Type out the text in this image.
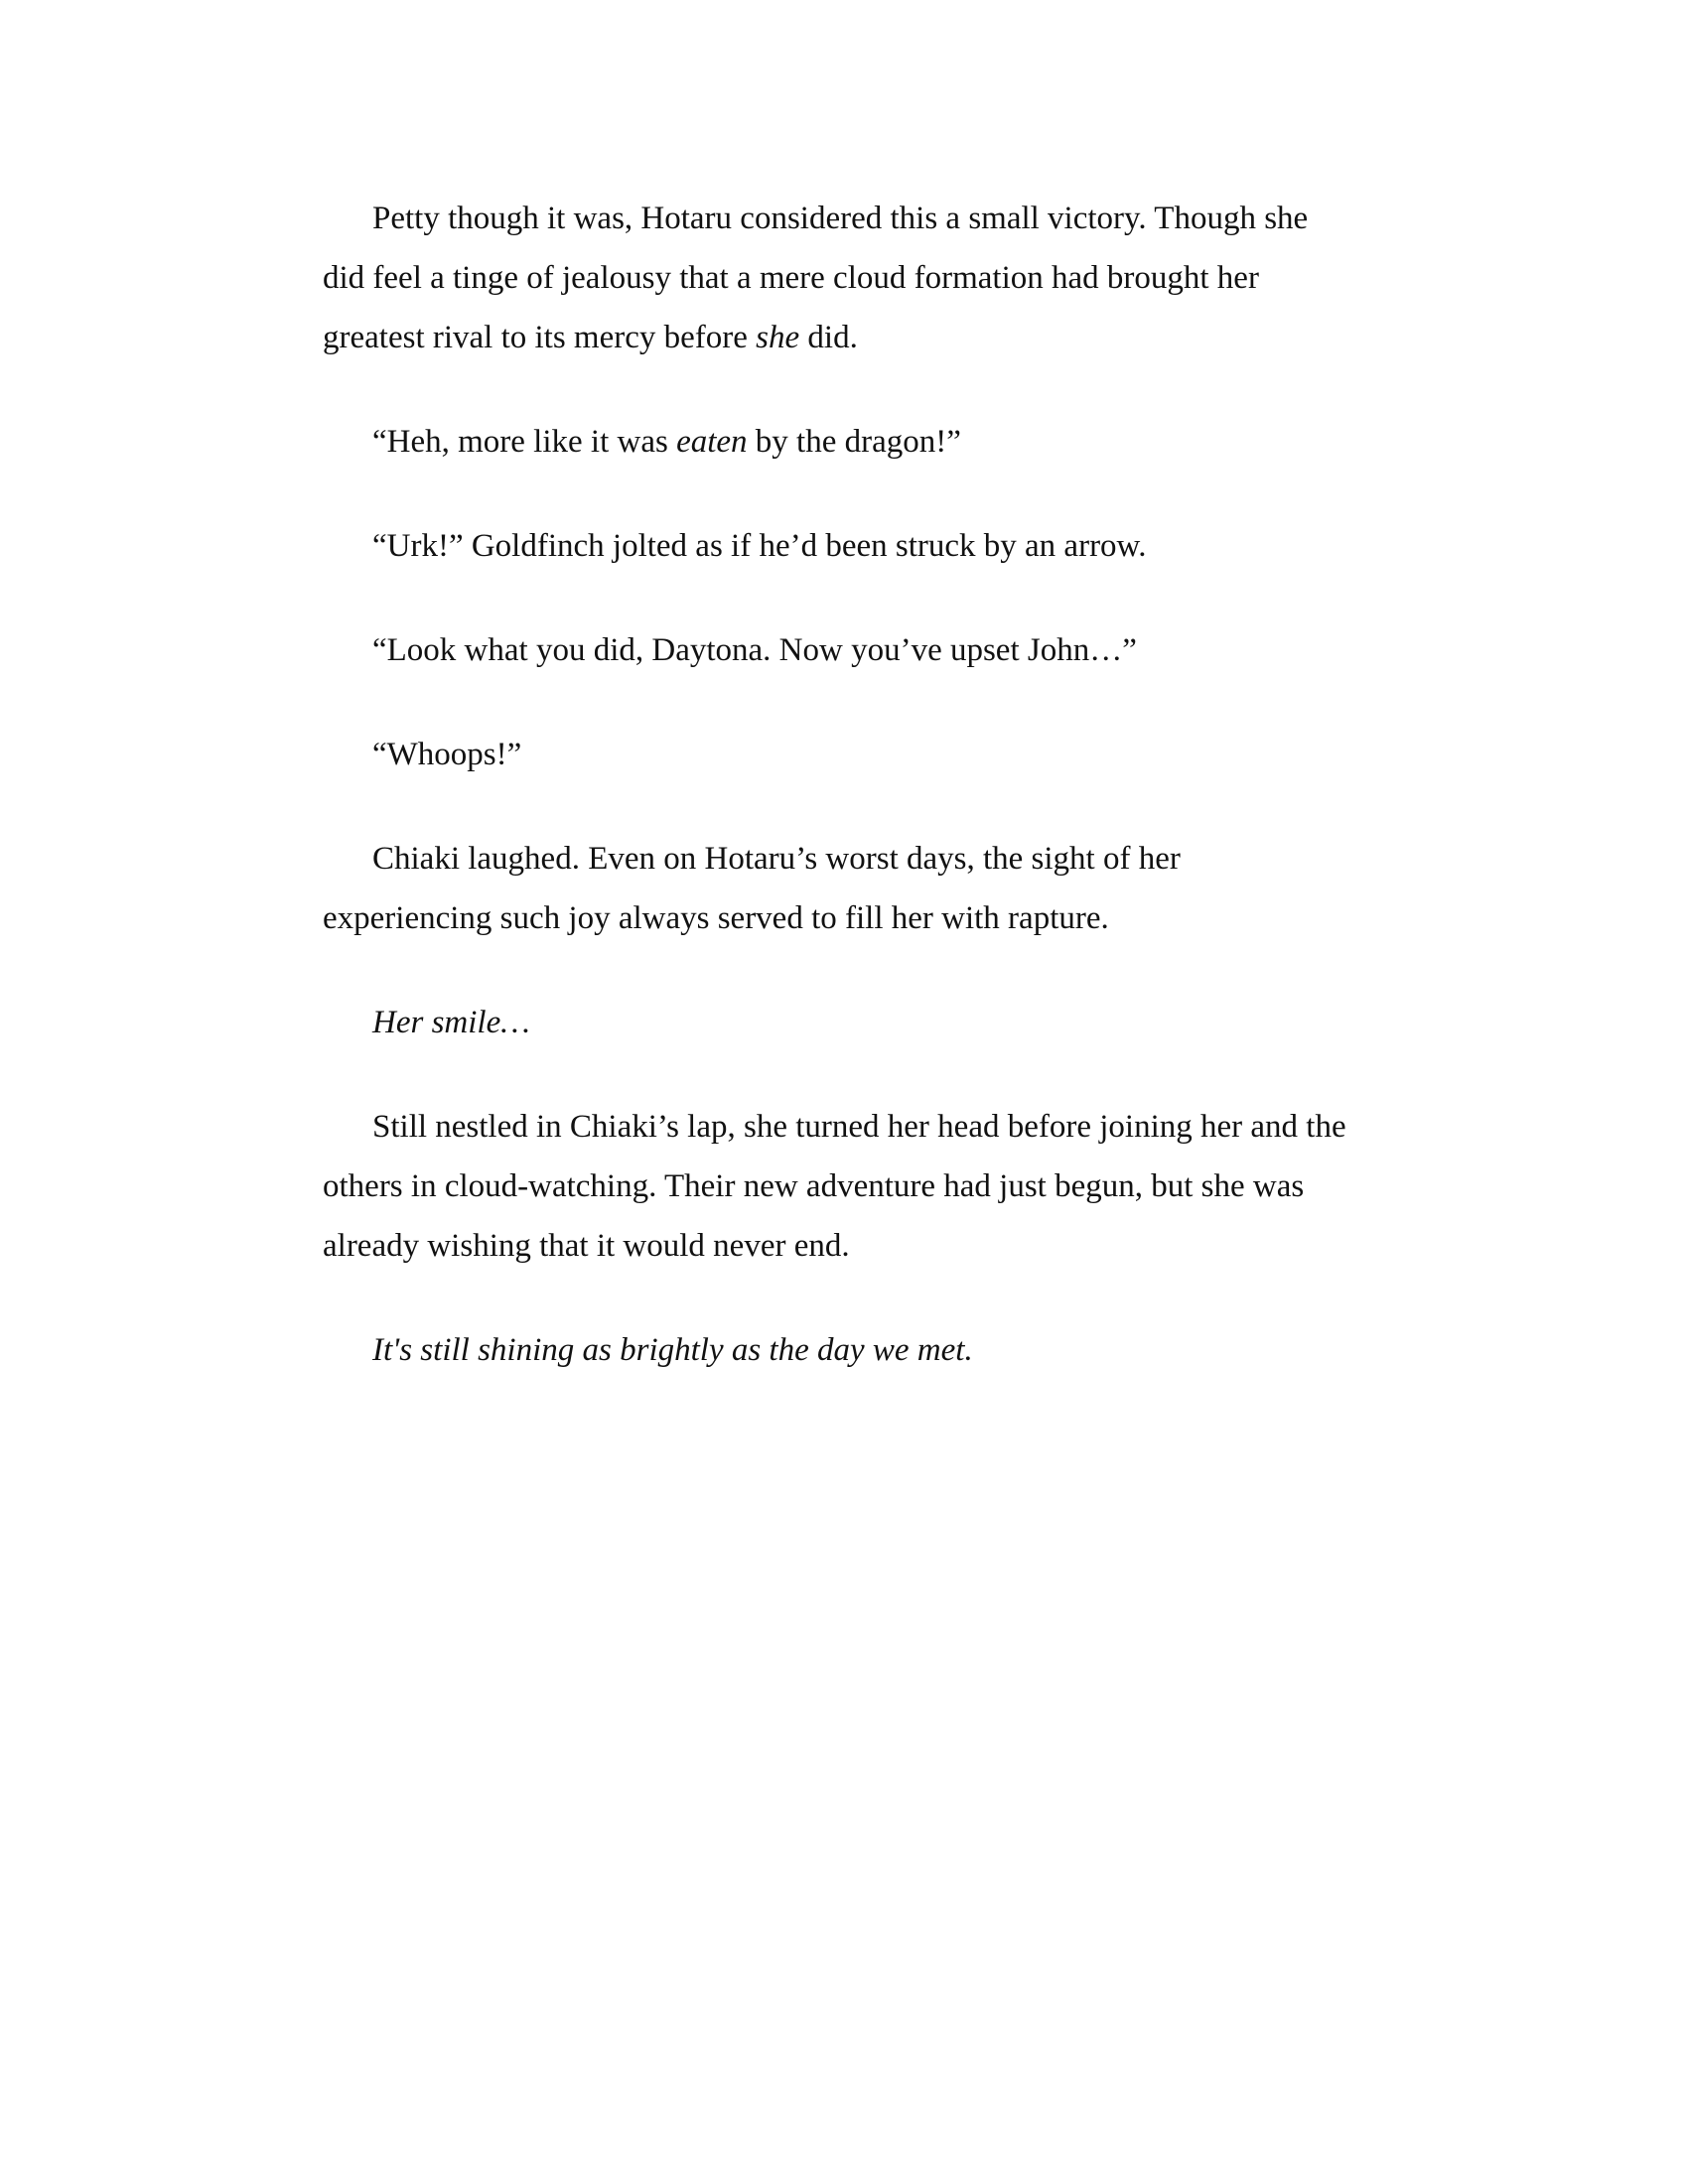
Petty though it was, Hotaru considered this a small victory. Though she
did feel a tinge of jealousy that a mere cloud formation had brought her
greatest rival to its mercy before she did.
“Heh, more like it was eaten by the dragon!”
“Urk!” Goldfinch jolted as if he’d been struck by an arrow.
“Look what you did, Daytona. Now you’ve upset John…”
“Whoops!”
Chiaki laughed. Even on Hotaru’s worst days, the sight of her
experiencing such joy always served to fill her with rapture.
Her smile…
Still nestled in Chiaki’s lap, she turned her head before joining her and the
others in cloud-watching. Their new adventure had just begun, but she was
already wishing that it would never end.
It's still shining as brightly as the day we met.
